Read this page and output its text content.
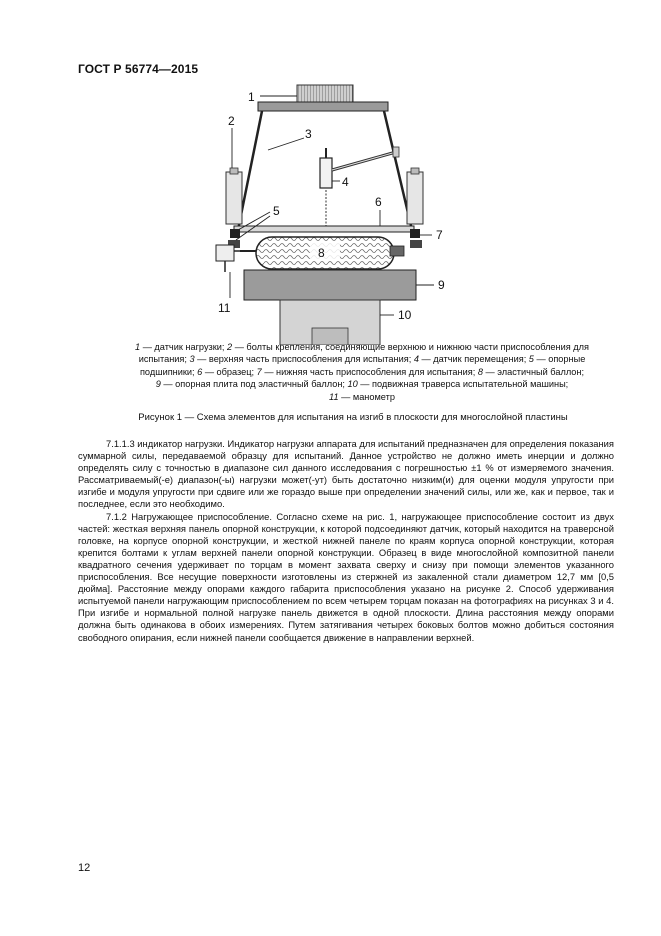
ГОСТ Р 56774—2015
1
2
3
4
5
6
7
8
9
11	10
1 — датчик нагрузки; 2 — болты крепления, соединяющие верхнюю и нижнюю части приспособления для
испытания; 3 — верхняя часть приспособления для испытания; 4 — датчик перемещения; 5 — опорные
подшипники; 6 — образец; 7 — нижняя часть приспособления для испытания; 8 — эластичный баллон;
9 — опорная плита под эластичный баллон; 10 — подвижная траверса испытательной машины;
11 — манометр
Рисунок 1 — Схема элементов для испытания на изгиб в плоскости для многослойной пластины

7.1.1.3 индикатор нагрузки. Индикатор нагрузки аппарата для испытаний предназначен для определения показания суммарной силы, передаваемой образцу для испытаний. Данное устройство не должно иметь инерции и должно определять силу с точностью в диапазоне сил данного исследования с погрешностью ±1 % от измеряемого значения. Рассматриваемый(-е) диапазон(-ы) нагрузки может(-ут) быть достаточно низким(и) для оценки модуля упругости при изгибе и модуля упругости при сдвиге или же гораздо выше при определении значений силы, или же, как и первое, так и последнее, если это необходимо.

7.1.2 Нагружающее приспособление. Согласно схеме на рис. 1, нагружающее приспособление состоит из двух частей: жесткая верхняя панель опорной конструкции, к которой подсоединяют датчик, который находится на траверсной головке, на корпусе опорной конструкции, и жесткой нижней панеле по краям корпуса опорной конструкции, которая крепится болтами к углам верхней панели опорной конструкции. Образец в виде многослойной композитной панели квадратного сечения удерживает по торцам в момент захвата сверху и снизу при помощи элементов указанного приспособления. Все несущие поверхности изготовлены из стержней из закаленной стали диаметром 12,7 мм [0,5 дюйма]. Расстояние между опорами каждого габарита приспособления указано на рисунке 2. Способ удерживания испытуемой панели нагружающим приспособлением по всем четырем торцам показан на фотографиях на рисунках 3 и 4. При изгибе и нормальной полной нагрузке панель движется в одной плоскости. Длина расстояния между опорами должна быть одинакова в обоих измерениях. Путем затягивания четырех боковых болтов можно добиться состояния свободного опирания, если нижней панели сообщается движение в направлении верхней.

12
